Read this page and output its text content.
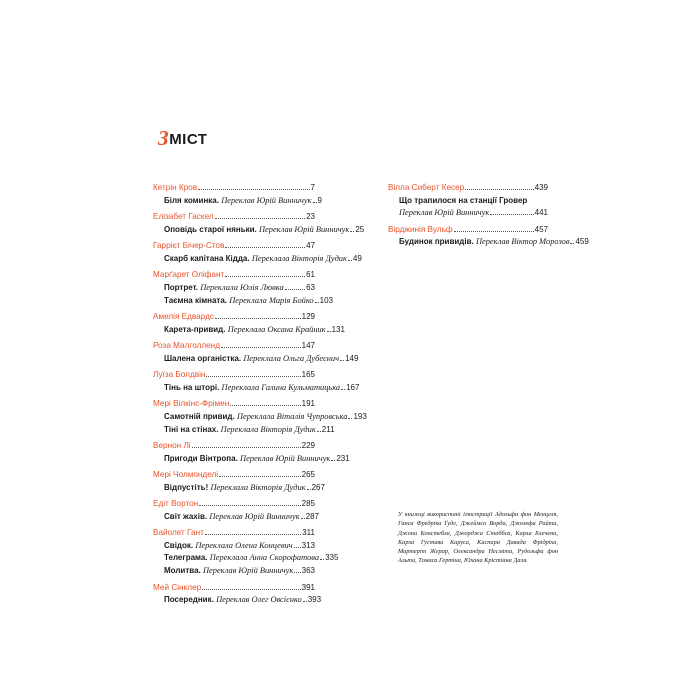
З МІСТ
Кетрін Кров	7
Біля коминка. Переклав Юрій Винничук 9
Елізабет Гаскел	23
Оповідь старої няньки. Переклав Юрій Винничук 25
Гаррієт Бічер-Стов	47
Скарб капітана Кідда. Переклала Вікторія Дудик 49
Марґарет Оліфант	61
Портрет. Переклала Юлія Лювка	63
Таємна кімната. Переклала Марія Бойко 103
Амелія Едвардс	129
Карета-привид. Переклала Оксана Крайник 131
Роза Малголленд	147
Шалена органістка. Переклала Ольга Дубеєнич 149
Луїза Болдвін	165
Тінь на шторі. Переклала Галина Кульматицька 167
Мері Вілкінс-Фрімен	191
Самотній привид. Переклала Віталія Чупровська 193
Тіні на стінах. Переклала Вікторія Дудик 211
Вернон Лі	229
Пригоди Вінтропа. Переклав Юрій Винничук 231
Мері Чолмонделі	265
Відпустіть! Переклала Вікторія Дудик 267
Едіт Вортон	285
Світ жахів. Переклав Юрій Винничук 287
Вайолет Гант	311
Свідок. Переклала Олена Концевич 313
Телеграма. Переклала Анна Скорофатова 335
Молитва. Переклав Юрій Винничук 363
Мей Сінклер	391
Посередник. Переклав Олег Овсієнко 393
Вілла Сиберт Кесер	439
Що трапилося на станції Гровер
Переклав Юрій Винничук	441
Вірджинія Вульф	457
Будинок привидів. Переклав Віктор Морозов 459
У книжці використані ілюстрації Адольфа фон Менцеля, Ганса Фредріка Ґуде, Джеймса Ворда, Джозефа Райта, Джона Констебла, Джорджа Стаббса, Карла Блечена, Карла Густава Каруса, Каспара Давида Фрідріха, Мартеріт Жерар, Олександра Несміта, Рудольфа фон Альта, Томаса Гертіна, Юхана Крістіана Даля.
